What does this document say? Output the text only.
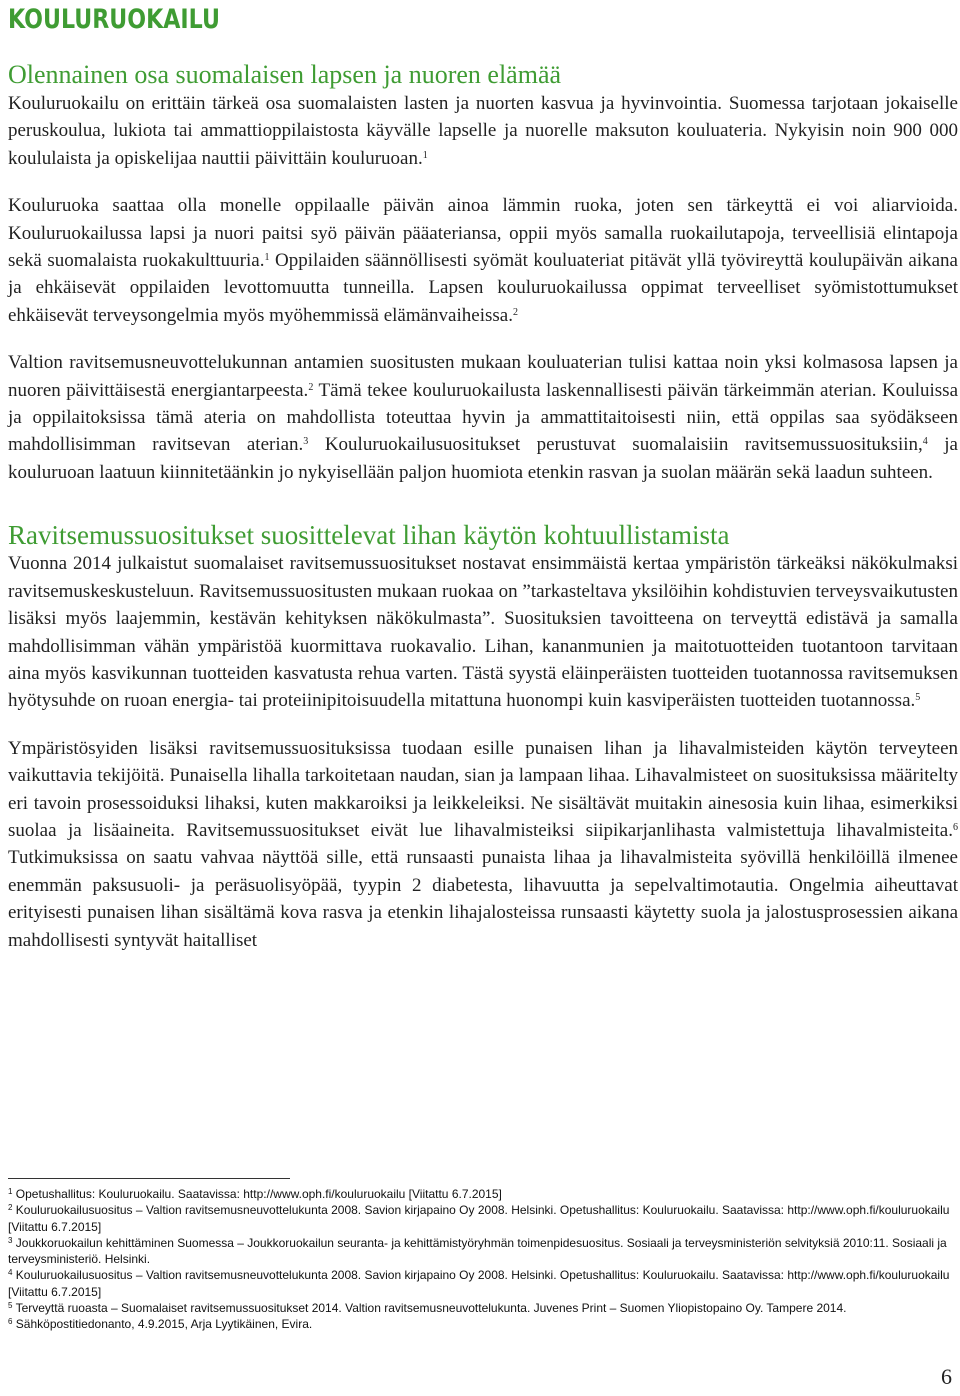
KOULURUOKAILU
Olennainen osa suomalaisen lapsen ja nuoren elämää

Kouluruokailu on erittäin tärkeä osa suomalaisten lasten ja nuorten kasvua ja hyvinvointia. Suomessa tarjotaan jokaiselle peruskoulua, lukiota tai ammattioppilaistosta käyvälle lapselle ja nuorelle maksuton kouluateria. Nykyisin noin 900 000 koululaista ja opiskelijaa nauttii päivittäin kouluruoan.$^1$

Kouluruoka saattaa olla monelle oppilaalle päivän ainoa lämmin ruoka, joten sen tärkeyttä ei voi aliarvioida. Kouluruokailussa lapsi ja nuori paitsi syö päivän pääateriansa, oppii myös samalla ruokailutapoja, terveellisiä elintapoja sekä suomalaista ruokakulttuuria.$^1$ Oppilaiden säännöllisesti syömät kouluateriat pitävät yllä työvireyttä koulupäivän aikana ja ehkäisevät oppilaiden levottomuutta tunneilla. Lapsen kouluruokailussa oppimat terveelliset syömistottumukset ehkäisevät terveysongelmia myös myöhemmissä elämänvaiheissa.$^2$

Valtion ravitsemusneuvottelukunnan antamien suositusten mukaan kouluaterian tulisi kattaa noin yksi kolmasosa lapsen ja nuoren päivittäisestä energiantarpeesta.$^2$ Tämä tekee kouluruokailusta laskennallisesti päivän tärkeimmän aterian. Kouluissa ja oppilaitoksissa tämä ateria on mahdollista toteuttaa hyvin ja ammattitaitoisesti niin, että oppilas saa syödäkseen mahdollisimman ravitsevan aterian.$^3$ Kouluruokailusuositukset perustuvat suomalaisiin ravitsemussuosituksiin,$^4$ ja kouluruoan laatuun kiinnitetäänkin jo nykyisellään paljon huomiota etenkin rasvan ja suolan määrän sekä laadun suhteen.

Ravitsemussuositukset suosittelevat lihan käytön kohtuullistamista

Vuonna 2014 julkaistut suomalaiset ravitsemussuositukset nostavat ensimmäistä kertaa ympäristön tärkeäksi näkökulmaksi ravitsemuskeskusteluun. Ravitsemussuositusten mukaan ruokaa on ”tarkasteltava yksilöihin kohdistuvien terveysvaikutusten lisäksi myös laajemmin, kestävän kehityksen näkökulmasta”. Suosituksien tavoitteena on terveyttä edistävä ja samalla mahdollisimman vähän ympäristöä kuormittava ruokavalio. Lihan, kananmunien ja maitotuotteiden tuotantoon tarvitaan aina myös kasvikunnan tuotteiden kasvatusta rehua varten. Tästä syystä eläinperäisten tuotteiden tuotannossa ravitsemuksen hyötysuhde on ruoan energia- tai proteiinipitoisuudella mitattuna huonompi kuin kasviperäisten tuotteiden tuotannossa.$^5$

Ympäristösyiden lisäksi ravitsemussuosituksissa tuodaan esille punaisen lihan ja lihavalmisteiden käytön terveyteen vaikuttavia tekijöitä. Punaisella lihalla tarkoitetaan naudan, sian ja lampaan lihaa. Lihavalmisteet on suosituksissa määritelty eri tavoin prosessoiduksi lihaksi, kuten makkaroiksi ja leikkeleiksi. Ne sisältävät muitakin ainesosia kuin lihaa, esimerkiksi suolaa ja lisäaineita. Ravitsemussuositukset eivät lue lihavalmisteiksi siipikarjanlihasta valmistettuja lihavalmisteita.$^6$ Tutkimuksissa on saatu vahvaa näyttöä sille, että runsaasti punaista lihaa ja lihavalmisteita syövillä henkilöillä ilmenee enemmän paksusuoli- ja peräsuolisyöpää, tyypin 2 diabetesta, lihavuutta ja sepelvaltimotautia. Ongelmia aiheuttavat erityisesti punaisen lihan sisältämä kova rasva ja etenkin lihajalosteissa runsaasti käytetty suola ja jalostusprosessien aikana mahdollisesti syntyvät haitalliset

$^1$ Opetushallitus: Kouluruokailu. Saatavissa: http://www.oph.fi/kouluruokailu [Viitattu 6.7.2015]
$^2$ Kouluruokailusuositus – Valtion ravitsemusneuvottelukunta 2008. Savion kirjapaino Oy 2008. Helsinki. Opetushallitus: Kouluruokailu. Saatavissa: http://www.oph.fi/kouluruokailu [Viitattu 6.7.2015]
$^3$ Joukkoruokailun kehittäminen Suomessa – Joukkoruokailun seuranta- ja kehittämistyöryhmän toimenpidesuositus. Sosiaali ja terveysministeriön selvityksiä 2010:11. Sosiaali ja terveysministeriö. Helsinki.
$^4$ Kouluruokailusuositus – Valtion ravitsemusneuvottelukunta 2008. Savion kirjapaino Oy 2008. Helsinki. Opetushallitus: Kouluruokailu. Saatavissa: http://www.oph.fi/kouluruokailu [Viitattu 6.7.2015]
$^5$ Terveyttä ruoasta – Suomalaiset ravitsemussuositukset 2014. Valtion ravitsemusneuvottelukunta. Juvenes Print – Suomen Yliopistopaino Oy. Tampere 2014.
$^6$ Sähköpostitiedonanto, 4.9.2015, Arja Lyytikäinen, Evira.
6
